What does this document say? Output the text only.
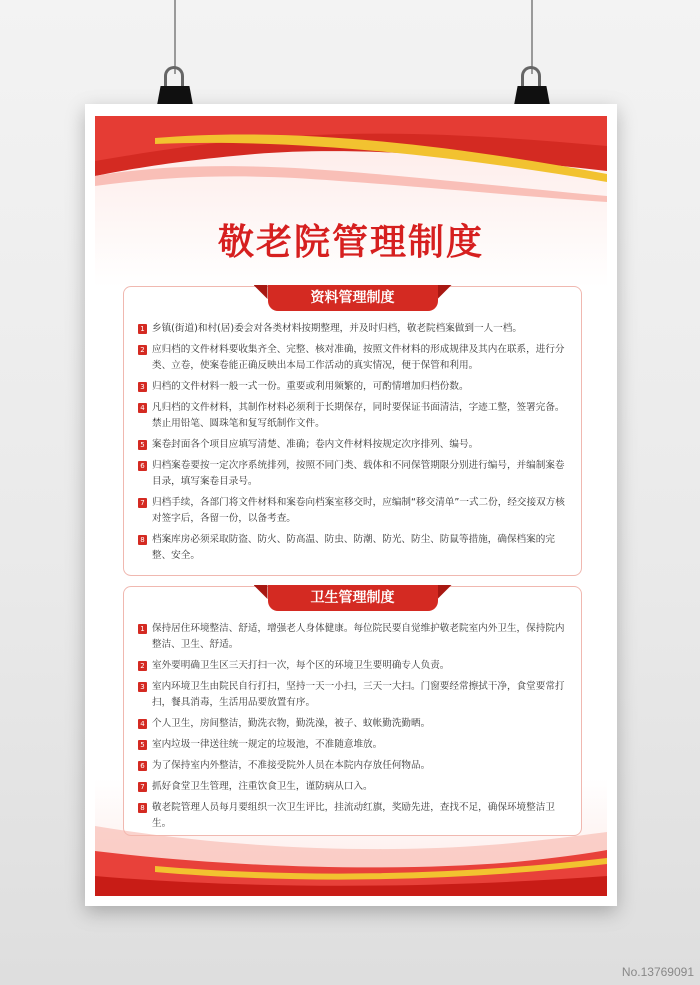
敬老院管理制度
资料管理制度
1 乡镇(街道)和村(居)委会对各类材料按期整理，并及时归档，敬老院档案做到一人一档。
2 应归档的文件材料要收集齐全、完整、核对准确，按照文件材料的形成规律及其内在联系，进行分类、立卷，使案卷能正确反映出本局工作活动的真实情况，便于保管和利用。
3 归档的文件材料一般一式一份。重要或利用频繁的，可酌情增加归档份数。
4 凡归档的文件材料，其制作材料必须利于长期保存，同时要保证书面清洁，字迹工整，签署完备。禁止用铅笔、圆珠笔和复写纸制作文件。
5 案卷封面各个项目应填写清楚、准确；卷内文件材料按规定次序排列、编号。
6 归档案卷要按一定次序系统排列，按照不同门类、载体和不同保管期限分别进行编号，并编制案卷目录，填写案卷目录号。
7 归档手续，各部门将文件材料和案卷向档案室移交时，应编制“移交清单”一式二份，经交接双方核对签字后，各留一份，以备考查。
8 档案库房必须采取防盗、防火、防高温、防虫、防潮、防光、防尘、防鼠等措施，确保档案的完整、安全。
卫生管理制度
1 保持居住环境整洁、舒适，增强老人身体健康。每位院民要自觉维护敬老院室内外卫生，保持院内整洁、卫生、舒适。
2 室外要明确卫生区三天打扫一次，每个区的环境卫生要明确专人负责。
3 室内环境卫生由院民自行打扫，坚持一天一小扫，三天一大扫。门窗要经常擦拭干净，食堂要常打扫，餐具消毒，生活用品要放置有序。
4 个人卫生，房间整洁，勤洗衣物，勤洗澡，被子、蚊帐勤洗勤晒。
5 室内垃圾一律送往统一规定的垃圾池，不准随意堆放。
6 为了保持室内外整洁，不准接受院外人员在本院内存放任何物品。
7 抓好食堂卫生管理，注重饮食卫生，谨防病从口入。
8 敬老院管理人员每月要组织一次卫生评比，挂流动红旗，奖励先进，查找不足，确保环境整洁卫生。
No.13769091
